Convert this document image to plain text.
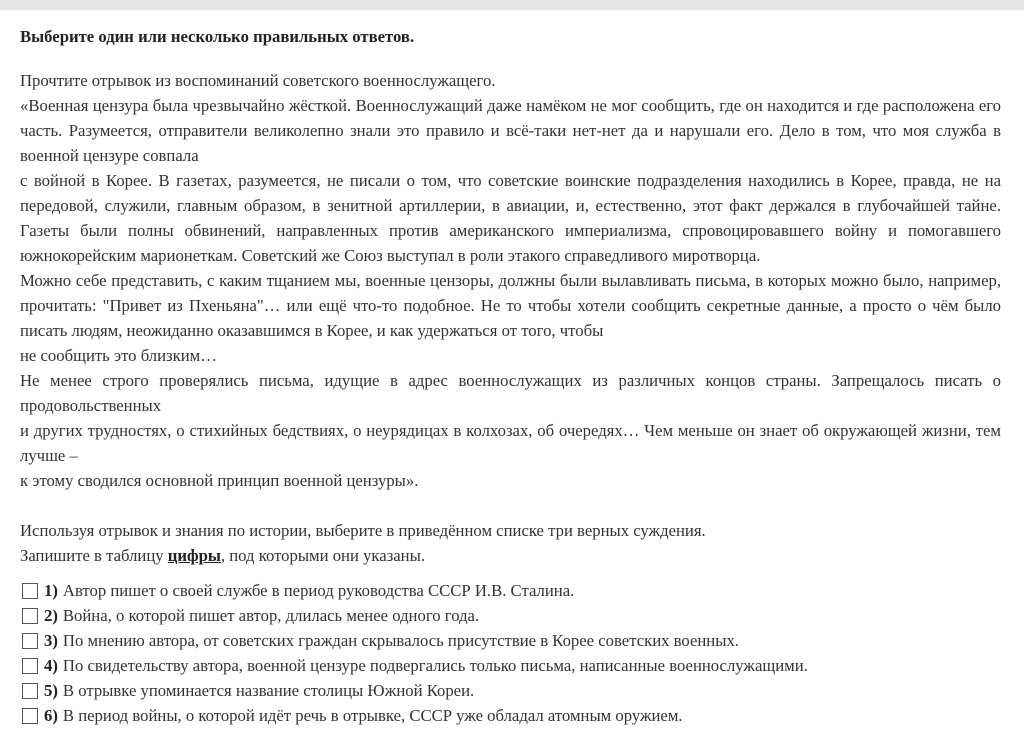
Выберите один или несколько правильных ответов.

Прочтите отрывок из воспоминаний советского военнослужащего.

«Военная цензура была чрезвычайно жёсткой. Военнослужащий даже намёком не мог сообщить, где он находится и где расположена его часть. Разумеется, отправители великолепно знали это правило и всё-таки нет-нет да и нарушали его. Дело в том, что моя служба в военной цензуре совпала

с войной в Корее. В газетах, разумеется, не писали о том, что советские воинские подразделения находились в Корее, правда, не на передовой, служили, главным образом, в зенитной артиллерии, в авиации, и, естественно, этот факт держался в глубочайшей тайне. Газеты были полны обвинений, направленных против американского империализма, спровоцировавшего войну и помогавшего южнокорейским марионеткам. Советский же Союз выступал в роли этакого справедливого миротворца.

Можно себе представить, с каким тщанием мы, военные цензоры, должны были вылавливать письма, в которых можно было, например, прочитать: "Привет из Пхеньяна"… или ещё что-то подобное. Не то чтобы хотели сообщить секретные данные, а просто о чём было писать людям, неожиданно оказавшимся в Корее, и как удержаться от того, чтобы

не сообщить это близким…

Не менее строго проверялись письма, идущие в адрес военнослужащих из различных концов страны. Запрещалось писать о продовольственных

и других трудностях, о стихийных бедствиях, о неурядицах в колхозах, об очередях… Чем меньше он знает об окружающей жизни, тем лучше –

к этому сводился основной принцип военной цензуры».

Используя отрывок и знания по истории, выберите в приведённом списке три верных суждения.

Запишите в таблицу цифры, под которыми они указаны.

1) Автор пишет о своей службе в период руководства СССР И.В. Сталина.
2) Война, о которой пишет автор, длилась менее одного года.
3) По мнению автора, от советских граждан скрывалось присутствие в Корее советских военных.
4) По свидетельству автора, военной цензуре подвергались только письма, написанные военнослужащими.
5) В отрывке упоминается название столицы Южной Кореи.
6) В период войны, о которой идёт речь в отрывке, СССР уже обладал атомным оружием.
